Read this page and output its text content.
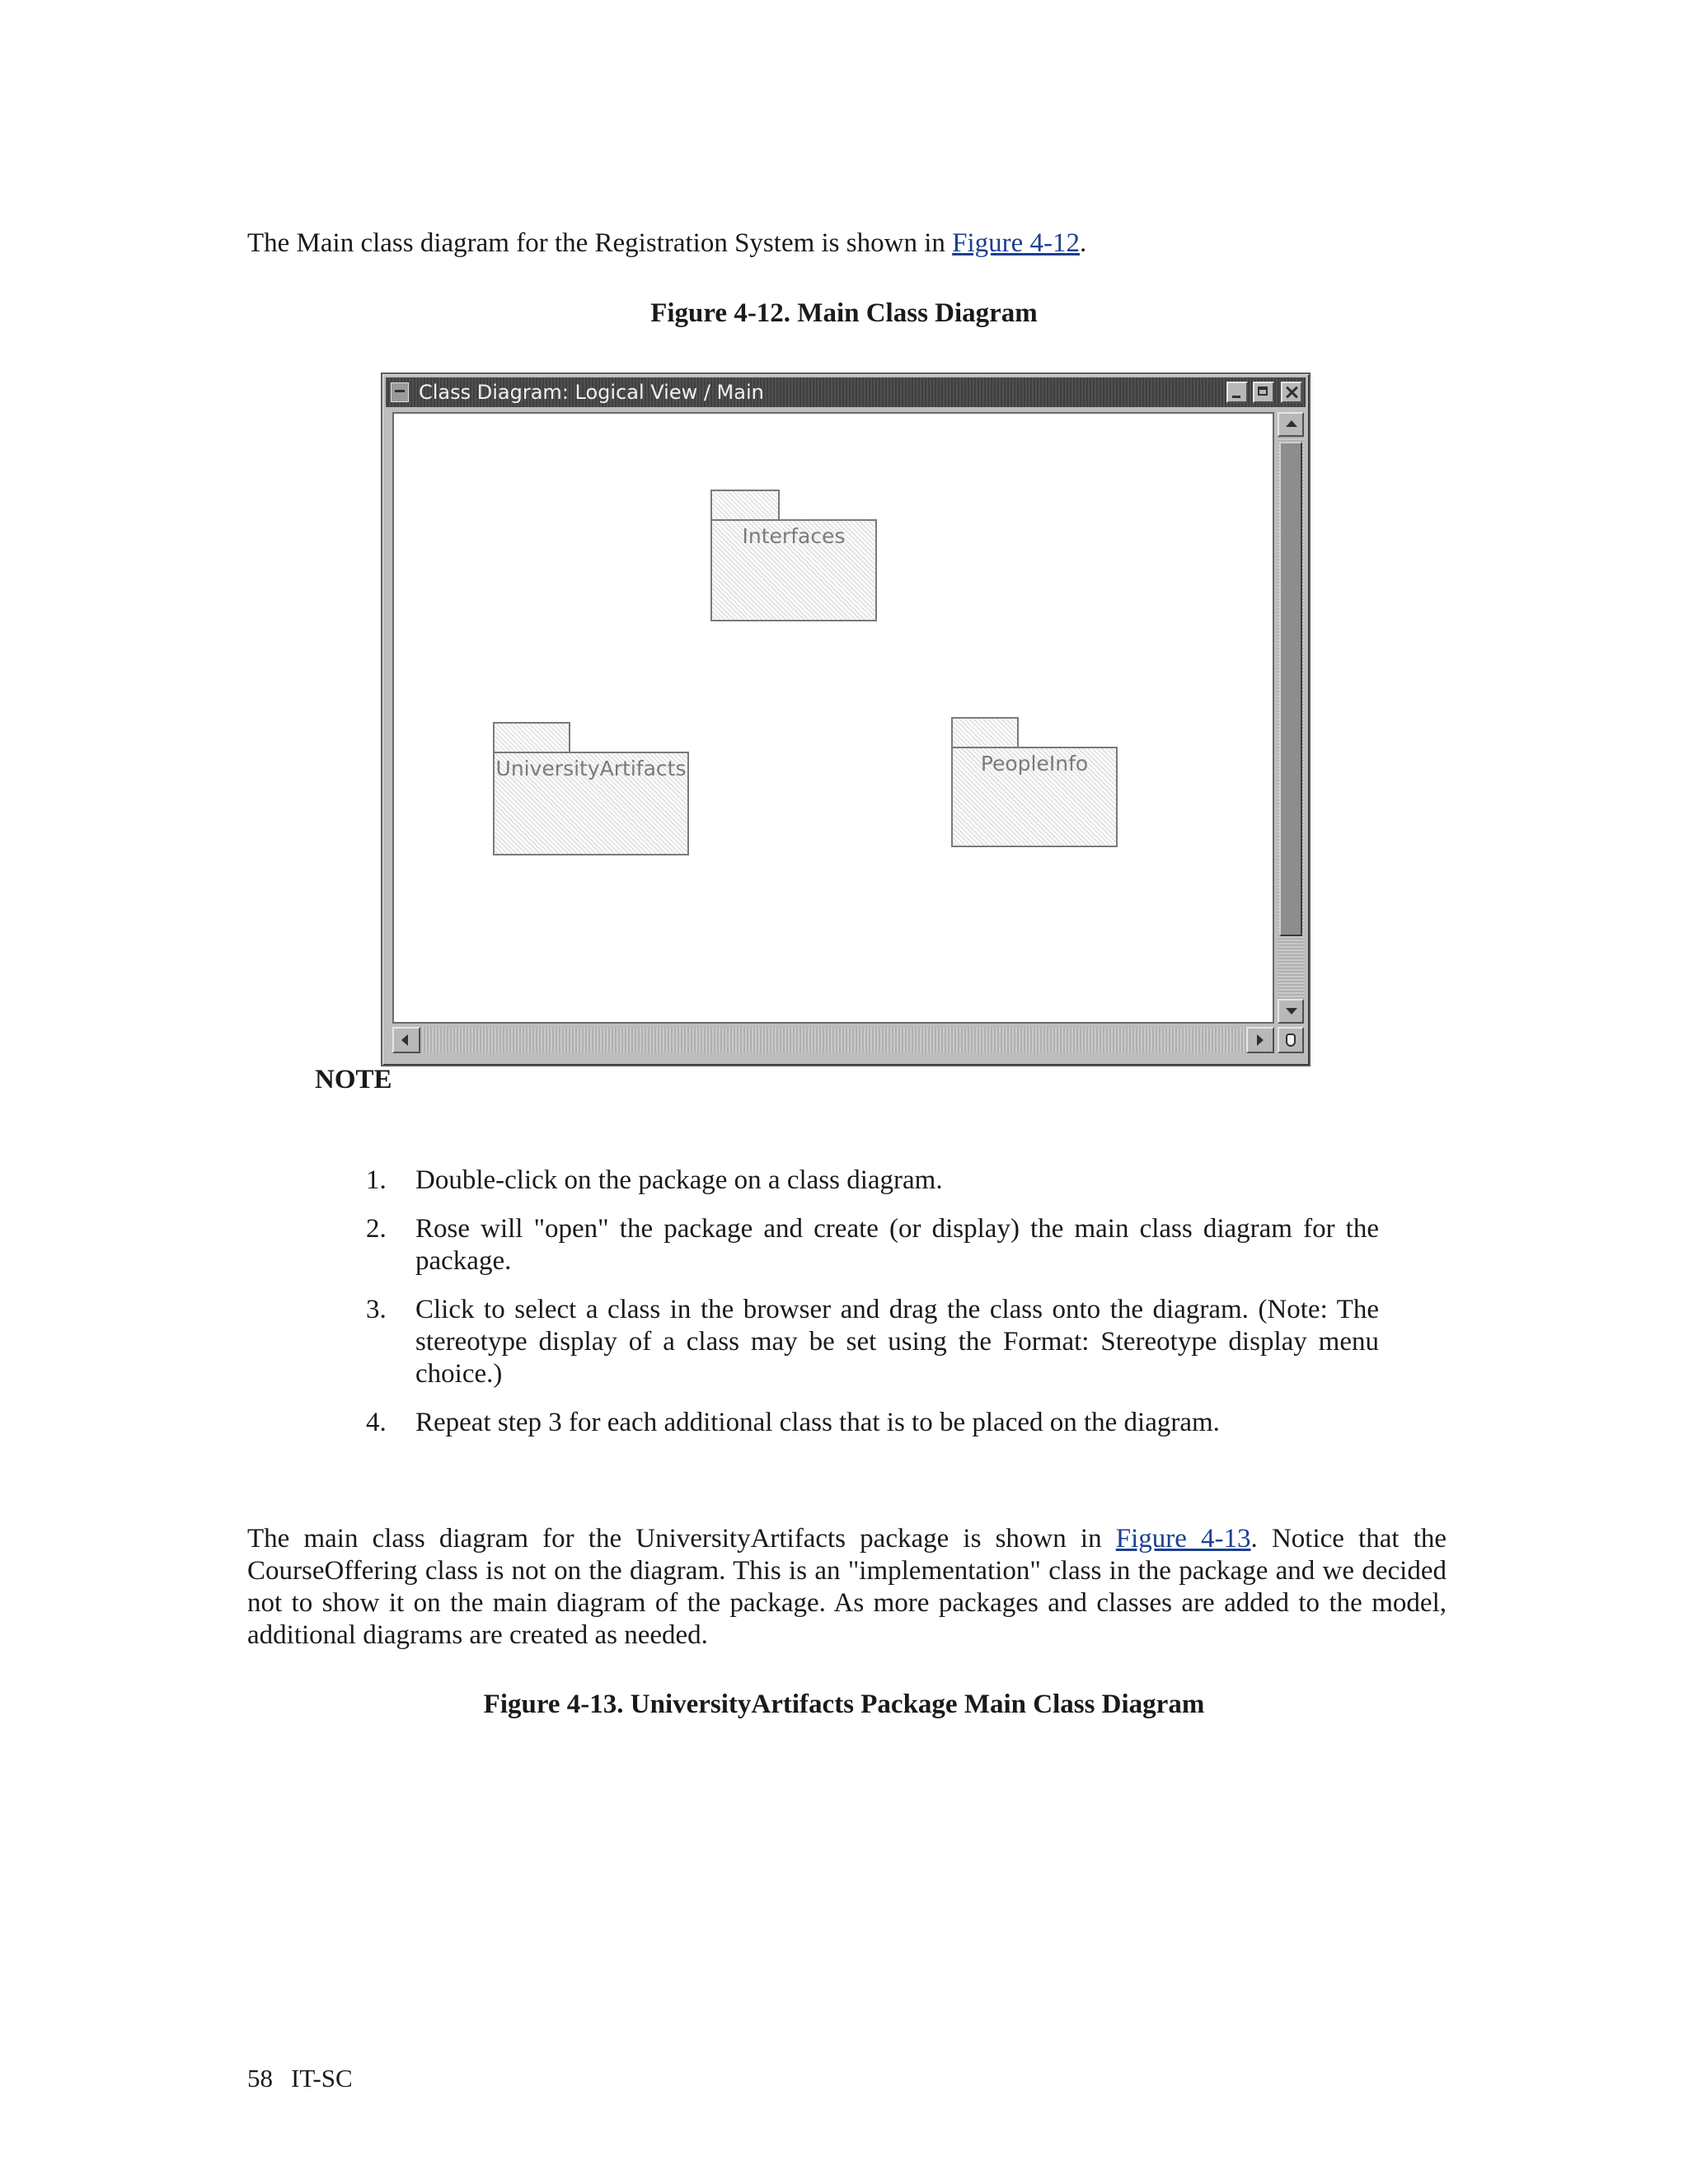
The Main class diagram for the Registration System is shown in Figure 4-12.

Figure 4-12. Main Class Diagram

Class Diagram: Logical View / Main
Interfaces
UniversityArtifacts	PeopleInfo

NOTE

1. Double-click on the package on a class diagram.
2. Rose will "open" the package and create (or display) the main class diagram for the package.
3. Click to select a class in the browser and drag the class onto the diagram. (Note: The stereotype display of a class may be set using the Format: Stereotype display menu choice.)
4. Repeat step 3 for each additional class that is to be placed on the diagram.

The main class diagram for the UniversityArtifacts package is shown in Figure 4-13. Notice that the CourseOffering class is not on the diagram. This is an "implementation" class in the package and we decided not to show it on the main diagram of the package. As more packages and classes are added to the model, additional diagrams are created as needed.

Figure 4-13. UniversityArtifacts Package Main Class Diagram

58 IT-SC
